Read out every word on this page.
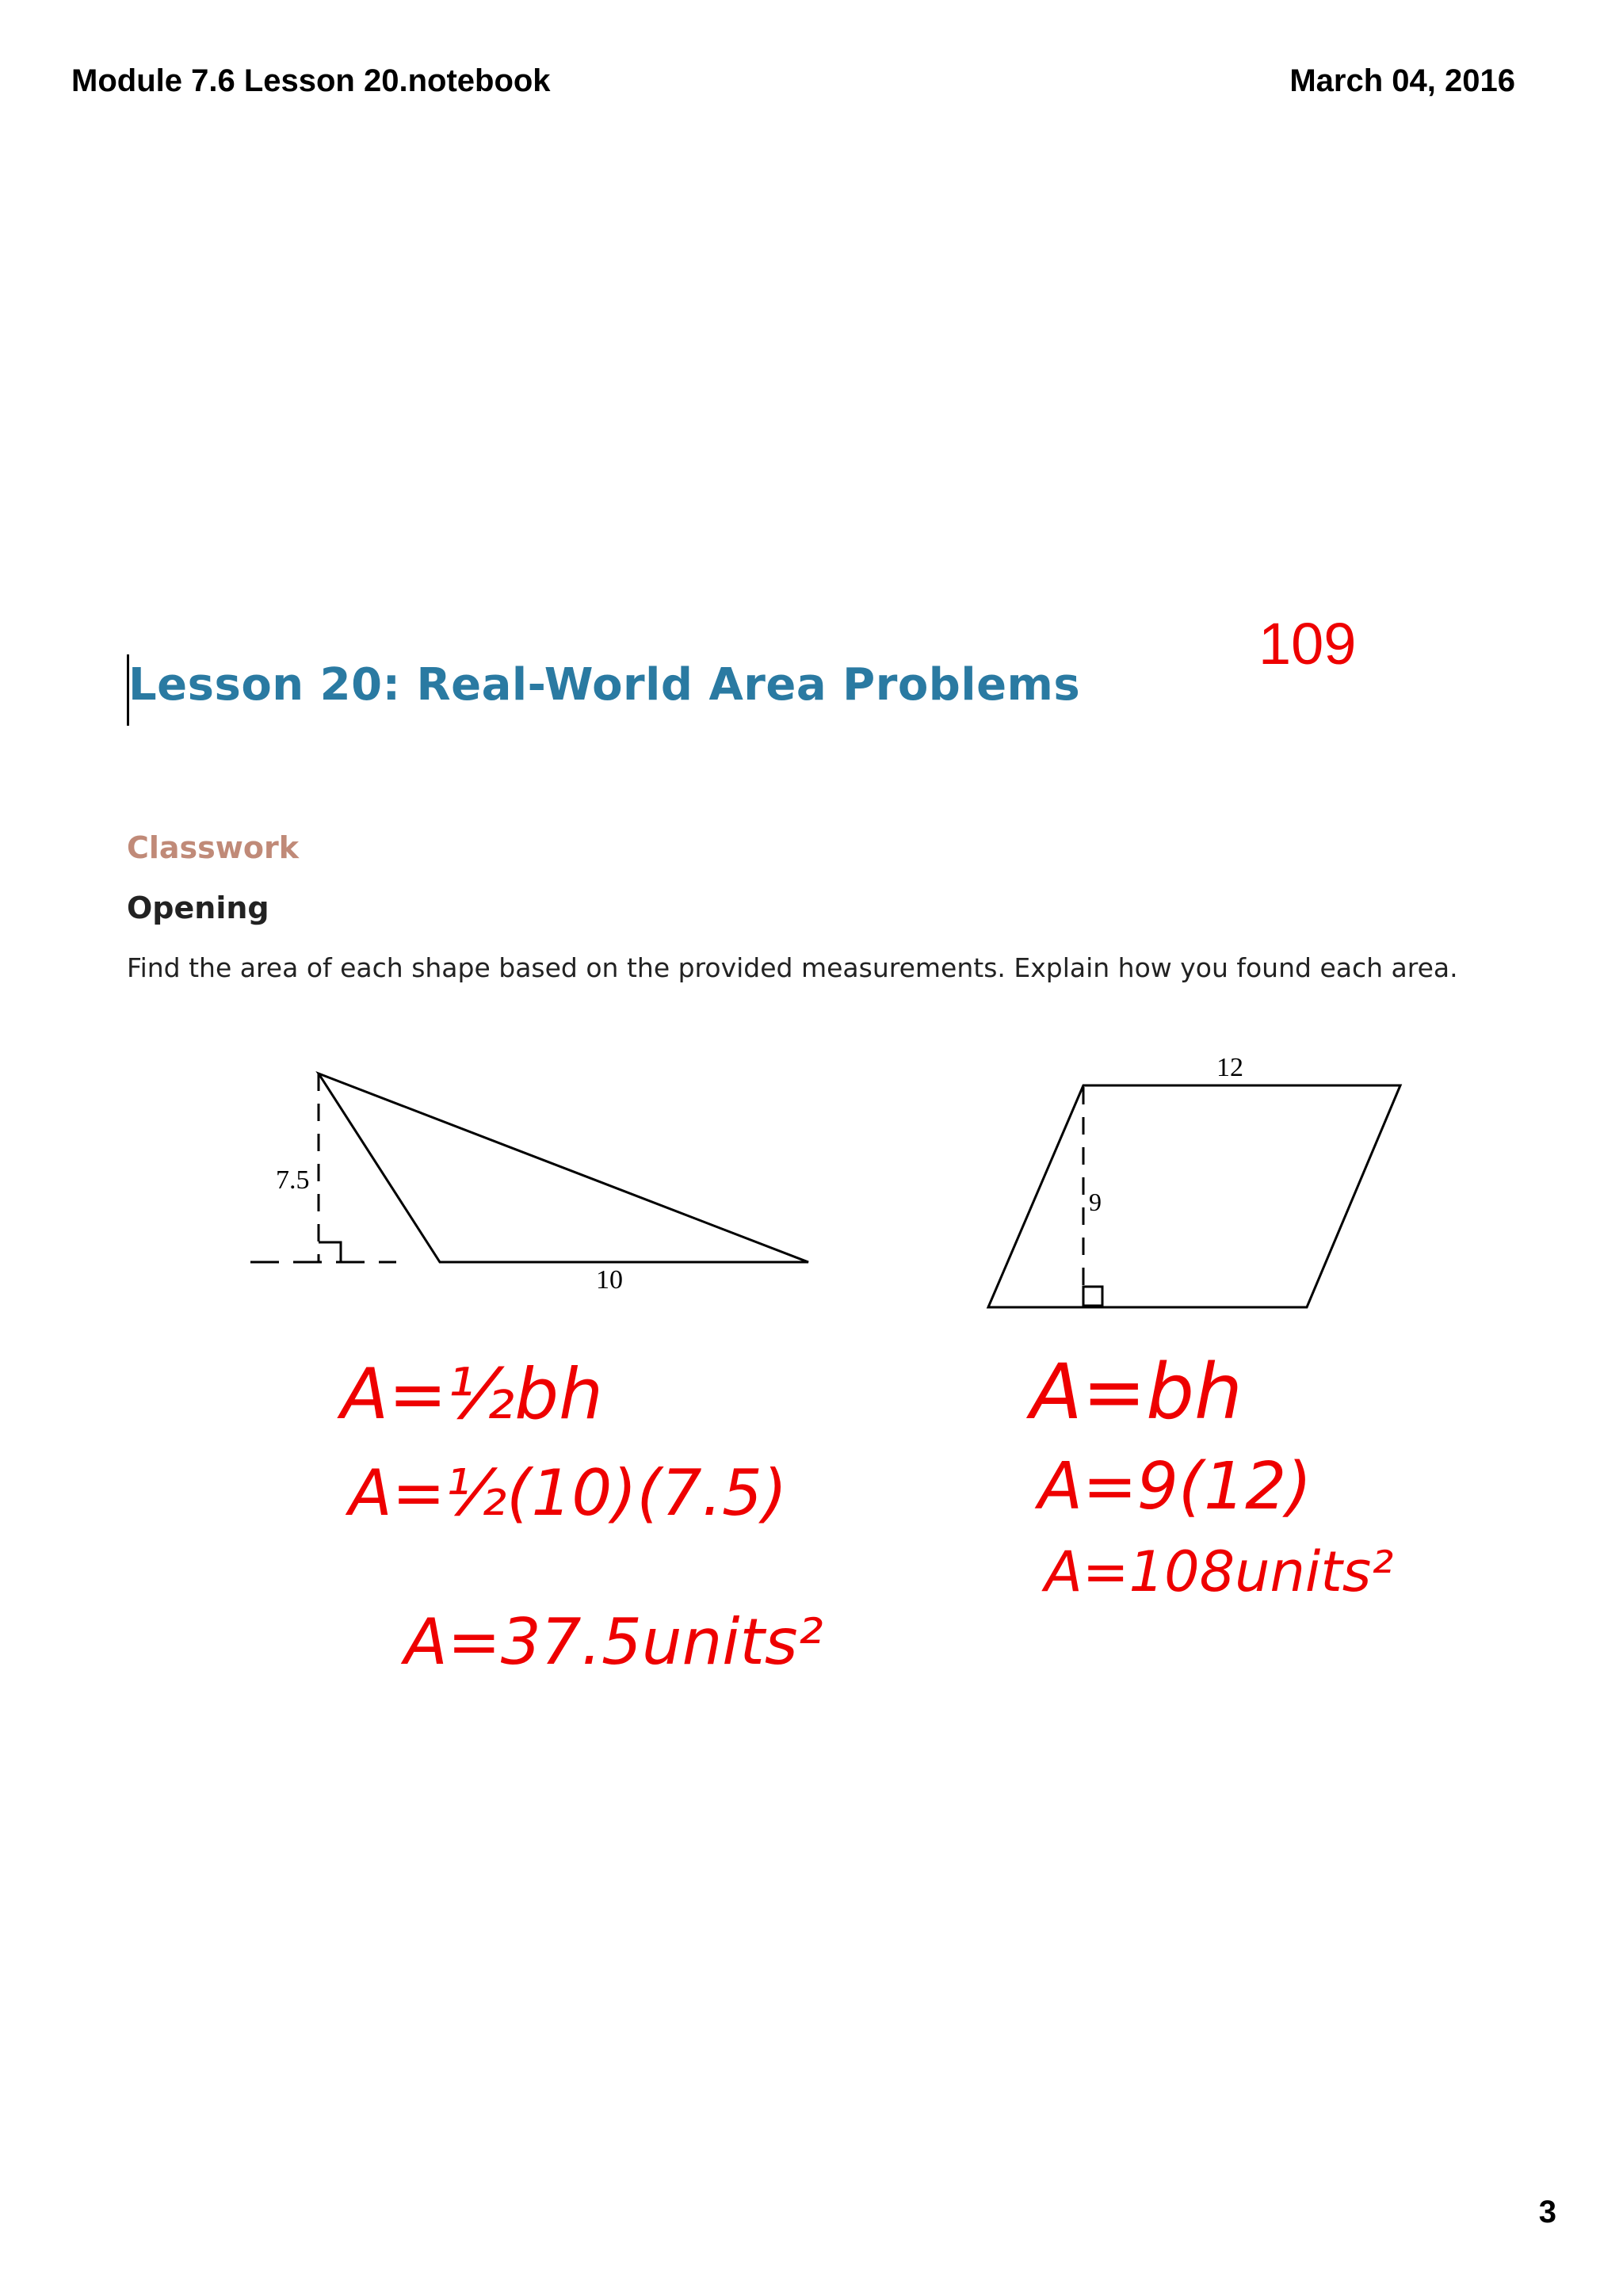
Module 7.6 Lesson 20.notebook	March 04, 2016
109
Lesson 20: Real-World Area Problems
Classwork
Opening
Find the area of each shape based on the provided measurements. Explain how you found each area.
7.5
10
12
9
A=½bh
A=½(10)(7.5)
A=37.5units²
A=bh
A=9(12)
A=108units²
3
